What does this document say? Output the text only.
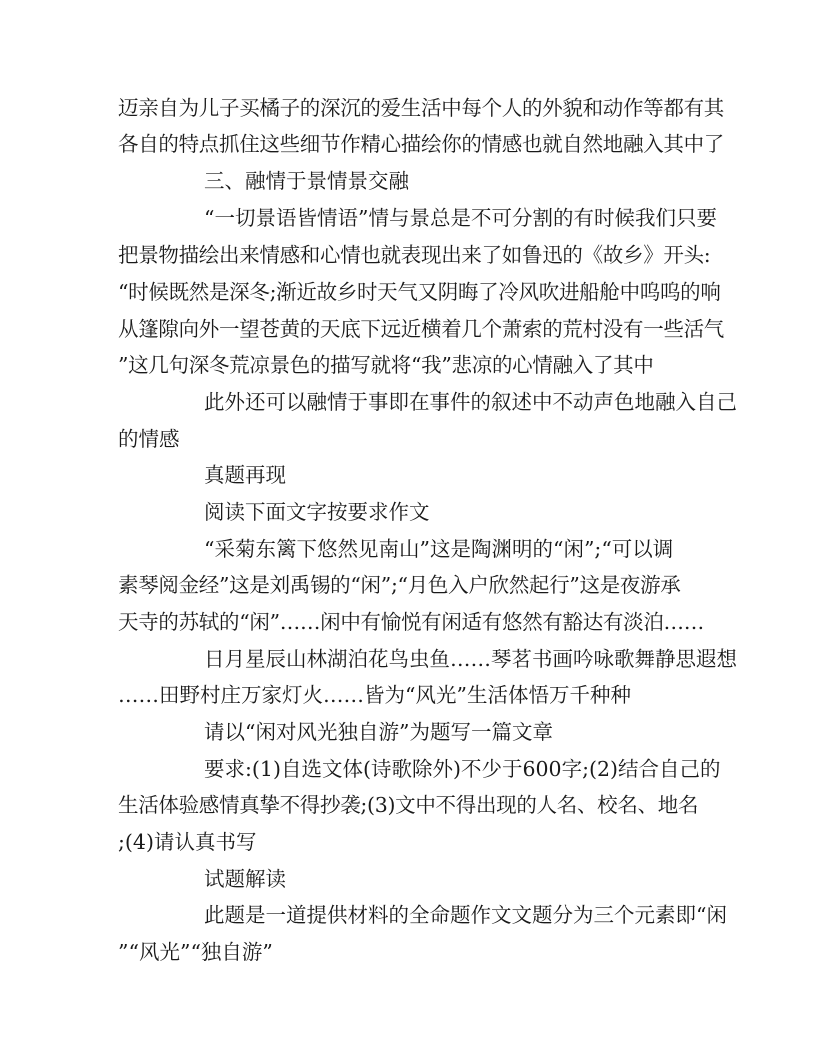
迈亲自为儿子买橘子的深沉的爱生活中每个人的外貌和动作等都有其
各自的特点抓住这些细节作精心描绘你的情感也就自然地融入其中了
三、融情于景情景交融
“一切景语皆情语”情与景总是不可分割的有时候我们只要
把景物描绘出来情感和心情也就表现出来了如鲁迅的《故乡》开头:
“时候既然是深冬;渐近故乡时天气又阴晦了冷风吹进船舱中呜呜的响
从篷隙向外一望苍黄的天底下远近横着几个萧索的荒村没有一些活气
”这几句深冬荒凉景色的描写就将“我”悲凉的心情融入了其中
此外还可以融情于事即在事件的叙述中不动声色地融入自己
的情感
真题再现
阅读下面文字按要求作文
“采菊东篱下悠然见南山”这是陶渊明的“闲”;“可以调
素琴阅金经”这是刘禹锡的“闲”;“月色入户欣然起行”这是夜游承
天寺的苏轼的“闲”……闲中有愉悦有闲适有悠然有豁达有淡泊……
日月星辰山林湖泊花鸟虫鱼……琴茗书画吟咏歌舞静思遐想
……田野村庄万家灯火……皆为“风光”生活体悟万千种种
请以“闲对风光独自游”为题写一篇文章
要求:(1)自选文体(诗歌除外)不少于600字;(2)结合自己的
生活体验感情真挚不得抄袭;(3)文中不得出现的人名、校名、地名
;(4)请认真书写
试题解读
此题是一道提供材料的全命题作文文题分为三个元素即“闲
”“风光”“独自游”
